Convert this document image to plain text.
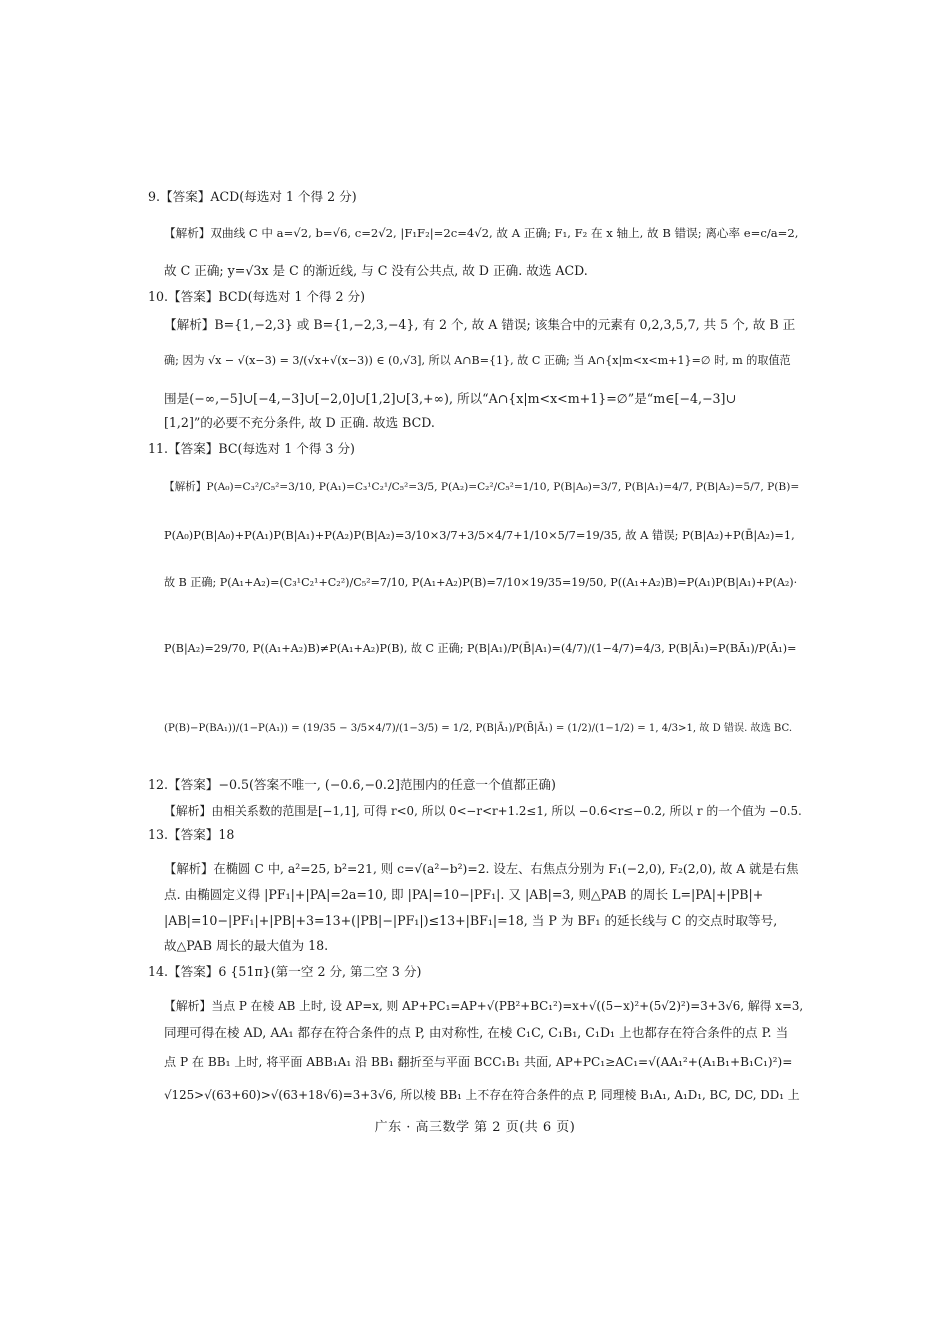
9.【答案】ACD(每选对 1 个得 2 分)
【解析】双曲线 C 中 a=√2, b=√6, c=2√2, |F₁F₂|=2c=4√2, 故 A 正确; F₁, F₂ 在 x 轴上, 故 B 错误; 离心率 e=c/a=2,
故 C 正确; y=√3x 是 C 的渐近线, 与 C 没有公共点, 故 D 正确. 故选 ACD.
10.【答案】BCD(每选对 1 个得 2 分)
【解析】B={1,−2,3} 或 B={1,−2,3,−4}, 有 2 个, 故 A 错误; 该集合中的元素有 0,2,3,5,7, 共 5 个, 故 B 正
确; 因为 √x − √(x−3) = 3/(√x+√(x−3)) ∈ (0,√3], 所以 A∩B={1}, 故 C 正确; 当 A∩{x|m<x<m+1}=∅ 时, m 的取值范
围是(−∞,−5]∪[−4,−3]∪[−2,0]∪[1,2]∪[3,+∞), 所以“A∩{x|m<x<m+1}=∅”是“m∈[−4,−3]∪
[1,2]”的必要不充分条件, 故 D 正确. 故选 BCD.
11.【答案】BC(每选对 1 个得 3 分)
【解析】P(A₀)=C₃²/C₅²=3/10, P(A₁)=C₃¹C₂¹/C₅²=3/5, P(A₂)=C₂²/C₅²=1/10, P(B|A₀)=3/7, P(B|A₁)=4/7, P(B|A₂)=5/7, P(B)=
P(A₀)P(B|A₀)+P(A₁)P(B|A₁)+P(A₂)P(B|A₂)=3/10×3/7+3/5×4/7+1/10×5/7=19/35, 故 A 错误; P(B|A₂)+P(B̄|A₂)=1,
故 B 正确; P(A₁+A₂)=(C₃¹C₂¹+C₂²)/C₅²=7/10, P(A₁+A₂)P(B)=7/10×19/35=19/50, P((A₁+A₂)B)=P(A₁)P(B|A₁)+P(A₂)·
P(B|A₂)=29/70, P((A₁+A₂)B)≠P(A₁+A₂)P(B), 故 C 正确; P(B|A₁)/P(B̄|A₁)=(4/7)/(1−4/7)=4/3, P(B|Ā₁)=P(BĀ₁)/P(Ā₁)=
(P(B)−P(BA₁))/(1−P(A₁)) = (19/35 − 3/5×4/7)/(1−3/5) = 1/2, P(B|Ā₁)/P(B̄|Ā₁) = (1/2)/(1−1/2) = 1, 4/3>1, 故 D 错误. 故选 BC.
12.【答案】−0.5(答案不唯一, (−0.6,−0.2]范围内的任意一个值都正确)
【解析】由相关系数的范围是[−1,1], 可得 r<0, 所以 0<−r<r+1.2≤1, 所以 −0.6<r≤−0.2, 所以 r 的一个值为 −0.5.
13.【答案】18
【解析】在椭圆 C 中, a²=25, b²=21, 则 c=√(a²−b²)=2. 设左、右焦点分别为 F₁(−2,0), F₂(2,0), 故 A 就是右焦
点. 由椭圆定义得 |PF₁|+|PA|=2a=10, 即 |PA|=10−|PF₁|. 又 |AB|=3, 则△PAB 的周长 L=|PA|+|PB|+
|AB|=10−|PF₁|+|PB|+3=13+(|PB|−|PF₁|)≤13+|BF₁|=18, 当 P 为 BF₁ 的延长线与 C 的交点时取等号,
故△PAB 周长的最大值为 18.
14.【答案】6 {51π}(第一空 2 分, 第二空 3 分)
【解析】当点 P 在棱 AB 上时, 设 AP=x, 则 AP+PC₁=AP+√(PB²+BC₁²)=x+√((5−x)²+(5√2)²)=3+3√6, 解得 x=3,
同理可得在棱 AD, AA₁ 都存在符合条件的点 P, 由对称性, 在棱 C₁C, C₁B₁, C₁D₁ 上也都存在符合条件的点 P. 当
点 P 在 BB₁ 上时, 将平面 ABB₁A₁ 沿 BB₁ 翻折至与平面 BCC₁B₁ 共面, AP+PC₁≥AC₁=√(AA₁²+(A₁B₁+B₁C₁)²)=
√125>√(63+60)>√(63+18√6)=3+3√6, 所以棱 BB₁ 上不存在符合条件的点 P, 同理棱 B₁A₁, A₁D₁, BC, DC, DD₁ 上
广东 · 高三数学 第 2 页(共 6 页)
